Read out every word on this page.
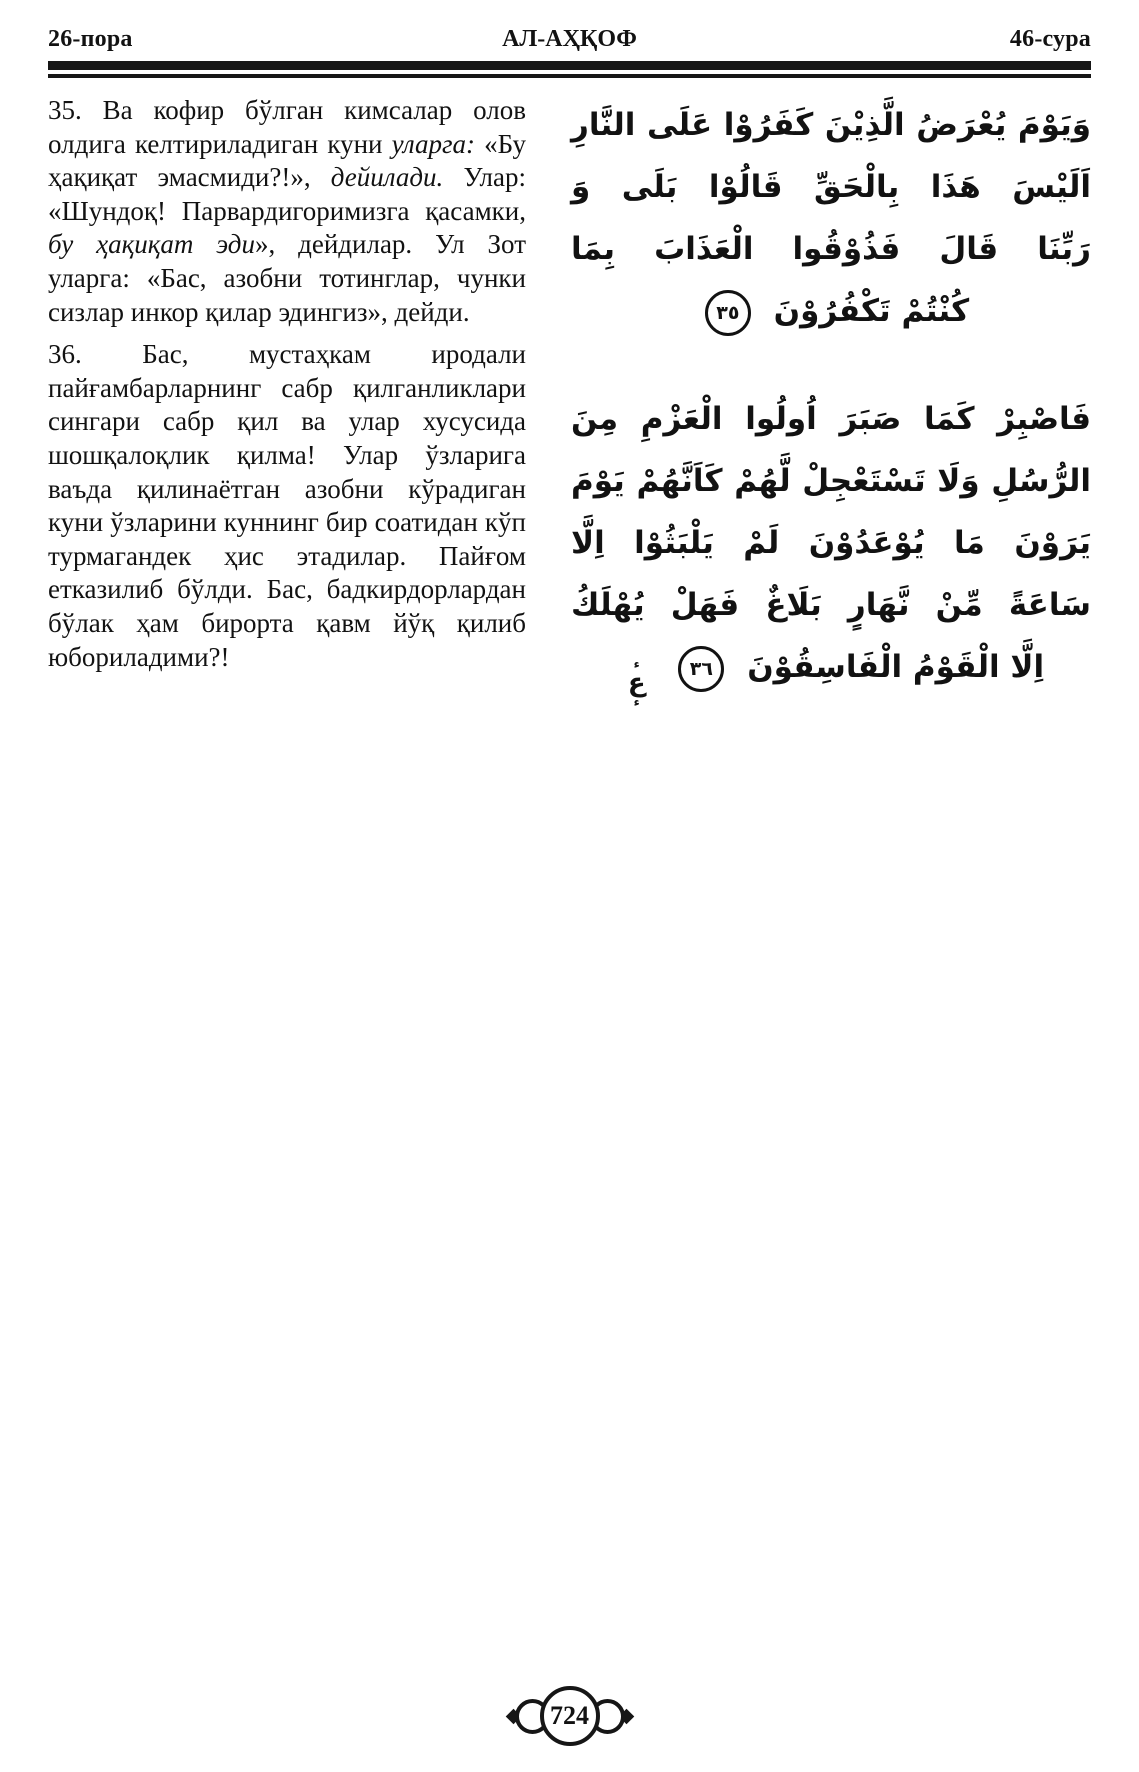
АЛ-АҲҚОФ
26-пора	46-сура

35. Ва кофир бўлган кимсалар олов олдига келтириладиган куни уларга: «Бу ҳақиқат эмасмиди?!», дейилади. Улар: «Шундоқ! Парвардигоримизга қасамки, бу ҳақиқат эди», дейдилар. Ул Зот уларга: «Бас, азобни тотинглар, чунки сизлар инкор қилар эдингиз», дейди.

36. Бас, мустаҳкам иродали пайғамбарларнинг сабр қилганликлари сингари сабр қил ва улар хусусида шошқалоқлик қилма! Улар ўзларига ваъда қилинаётган азобни кўрадиган куни ўзларини куннинг бир соатидан кўп турмагандек ҳис этадилар. Пайғом етказилиб бўлди. Бас, бадкирдорлардан бўлак ҳам бирорта қавм йўқ қилиб юбориладими?!

وَيَوْمَ يُعْرَضُ الَّذِيْنَ كَفَرُوْا عَلَى النَّارِ
اَلَيْسَ هَذَا بِالْحَقِّ قَالُوْا بَلَى وَ
رَبِّنَا قَالَ فَذُوْقُوا الْعَذَابَ بِمَا
كُنْتُمْ تَكْفُرُوْنَ ٣٥
فَاصْبِرْ كَمَا صَبَرَ اُولُوا الْعَزْمِ مِنَ
الرُّسُلِ وَلَا تَسْتَعْجِلْ لَّهُمْ كَاَنَّهُمْ يَوْمَ
يَرَوْنَ مَا يُوْعَدُوْنَ لَمْ يَلْبَثُوْا اِلَّا
سَاعَةً مِّنْ نَّهَارٍ بَلَاغٌ فَهَلْ يُهْلَكُ
اِلَّا الْقَوْمُ الْفَاسِقُوْنَ ٣٦
ء
ع
ء
724
